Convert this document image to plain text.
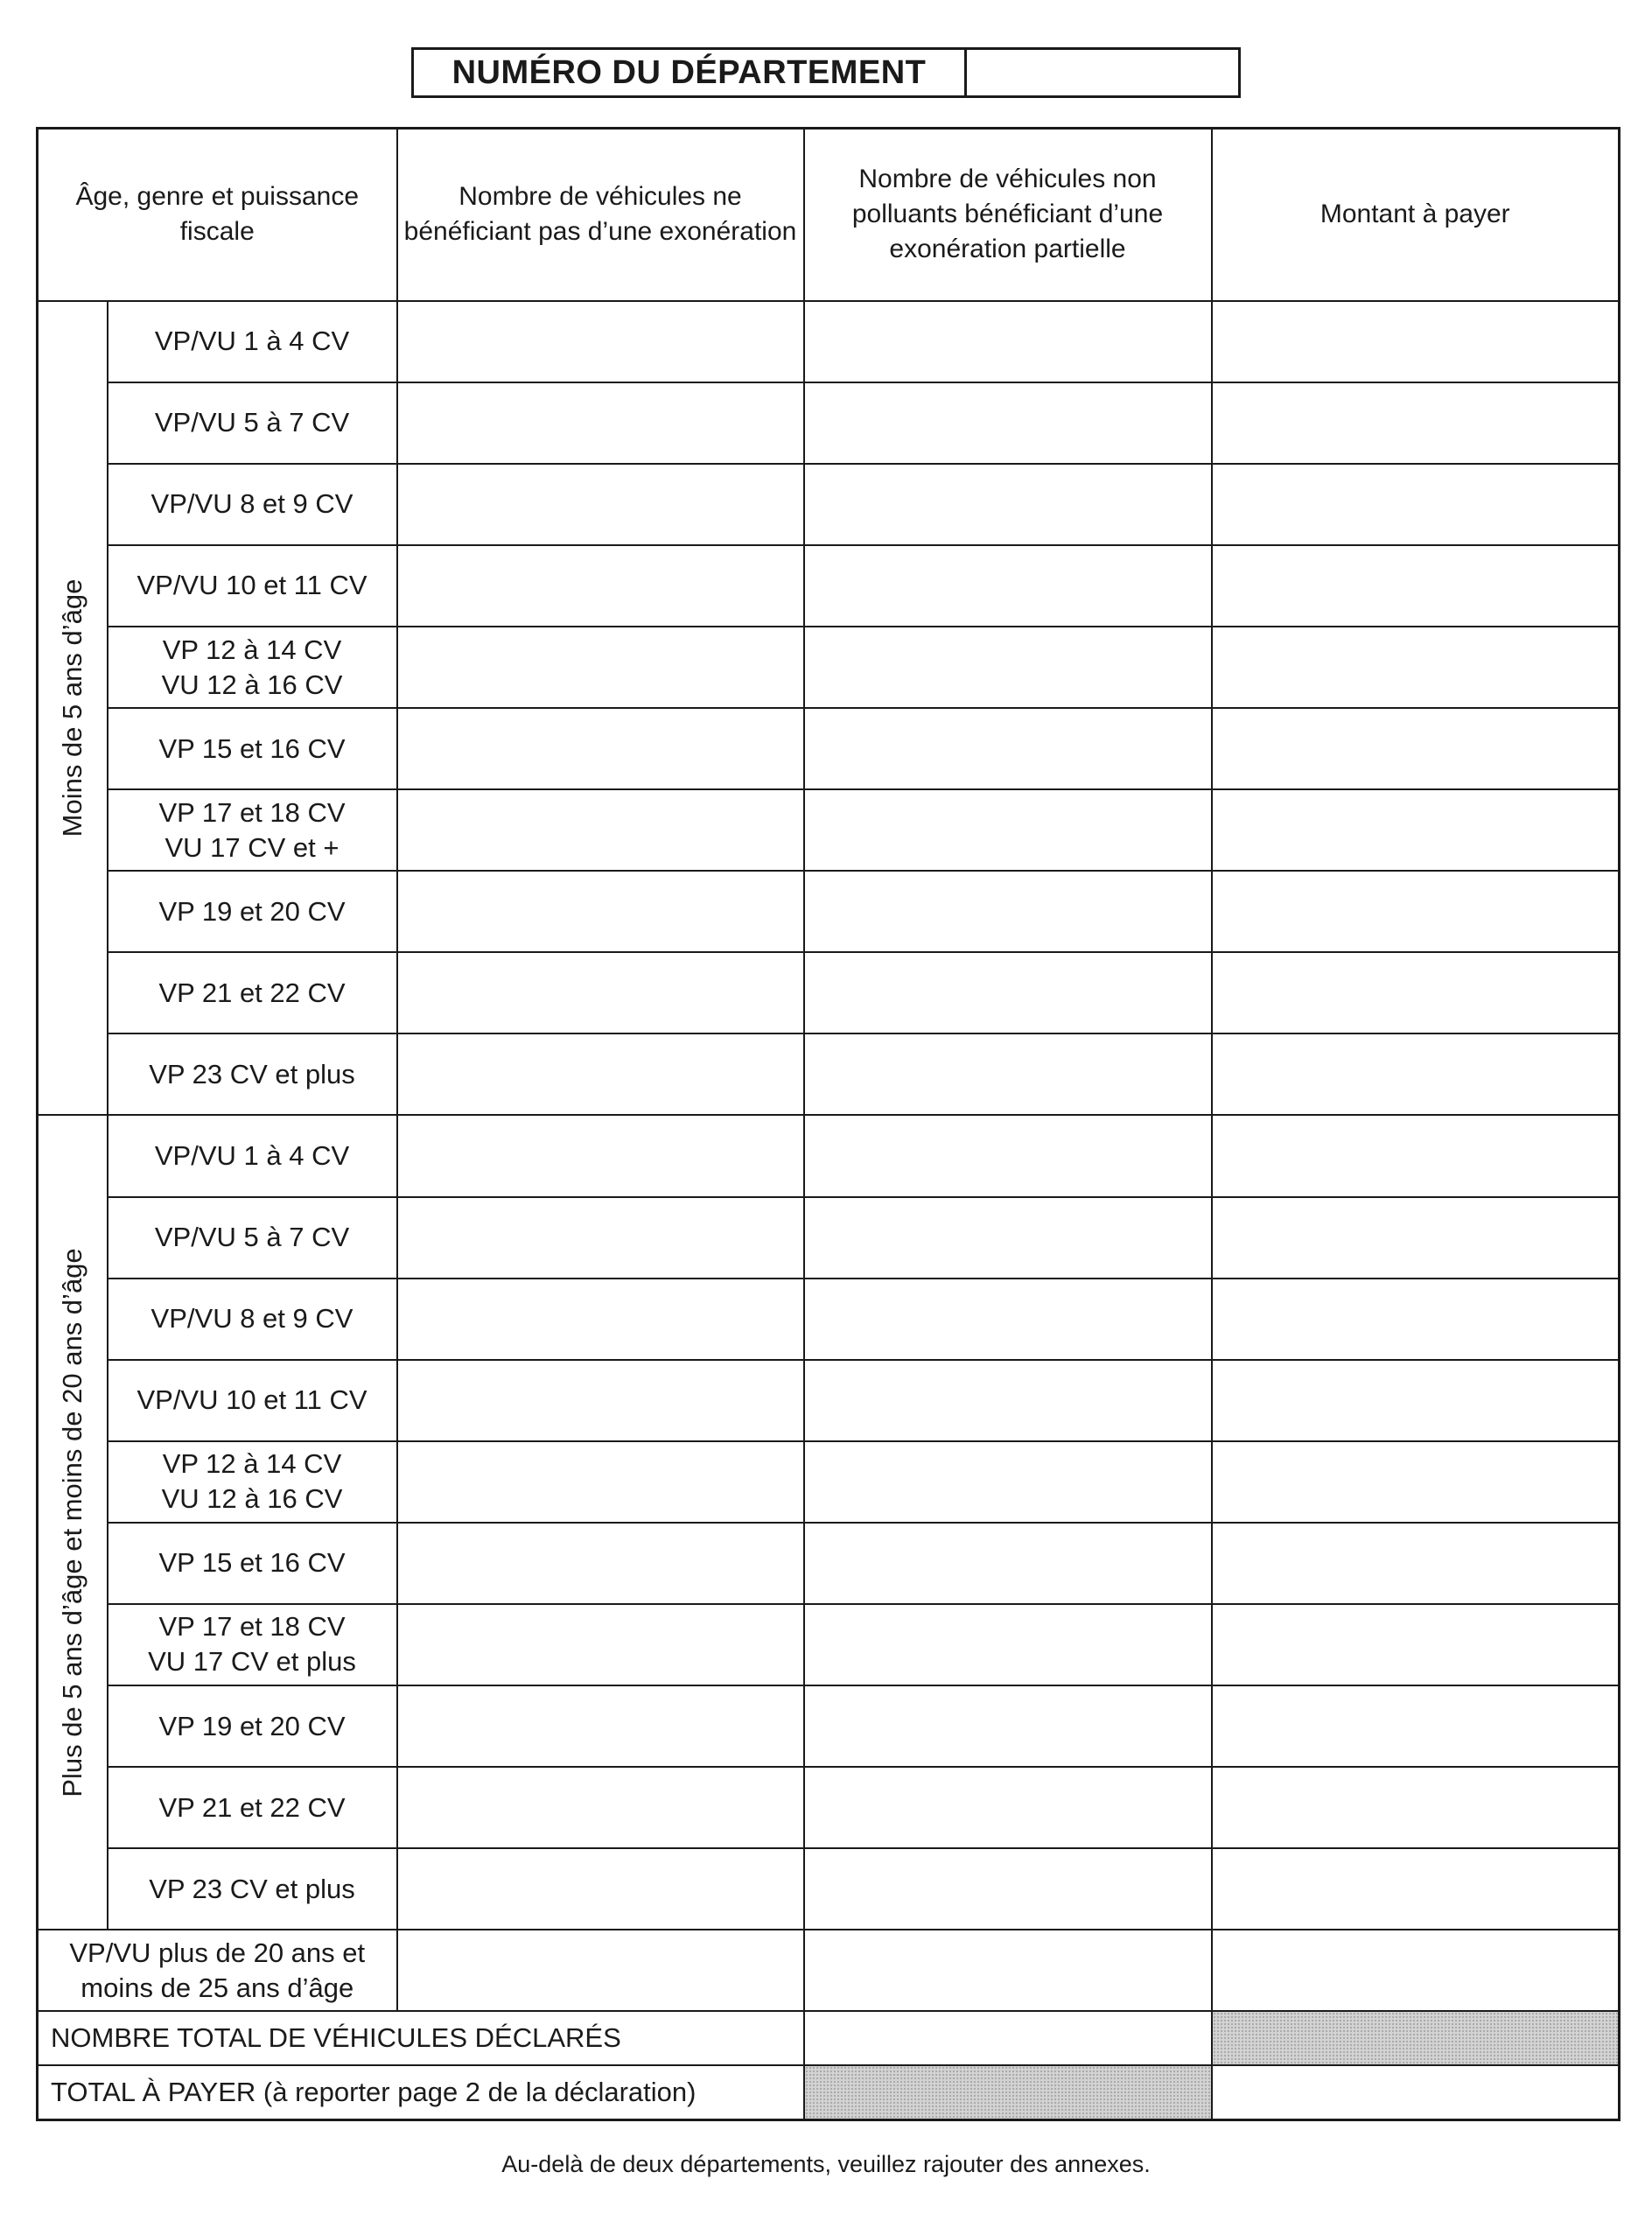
NUMÉRO DU DÉPARTEMENT
Âge, genre et puissance fiscale		Nombre de véhicules ne bénéficiant pas d’une exonération	Nombre de véhicules non polluants bénéficiant d’une exonération partielle	Montant à payer

Moins de 5 ans d’âge	VP/VU 1 à 4 CV			
	VP/VU 5 à 7 CV			
	VP/VU 8 et 9 CV			
	VP/VU 10 et 11 CV			
	VP 12 à 14 CV
VU 12 à 16 CV			
	VP 15 et 16 CV			
	VP 17 et 18 CV
VU 17 CV et +			
	VP 19 et 20 CV			
	VP 21 et 22 CV			
	VP 23 CV et plus			

Plus de 5 ans d’âge et moins de 20 ans d’âge	VP/VU 1 à 4 CV			
	VP/VU 5 à 7 CV			
	VP/VU 8 et 9 CV			
	VP/VU 10 et 11 CV			
	VP 12 à 14 CV
VU 12 à 16 CV			
	VP 15 et 16 CV			
	VP 17 et 18 CV
VU 17 CV et plus			
	VP 19 et 20 CV			
	VP 21 et 22 CV			
	VP 23 CV et plus			
VP/VU plus de 20 ans et
moins de 25 ans d’âge				
NOMBRE TOTAL DE VÉHICULES DÉCLARÉS				
TOTAL À PAYER (à reporter page 2 de la déclaration)				
Au-delà de deux départements, veuillez rajouter des annexes.
